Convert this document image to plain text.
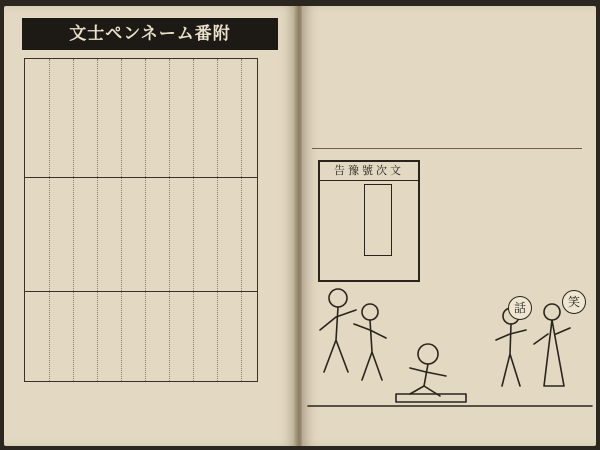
文士ペンネーム番附
告豫號次文
話	笑
